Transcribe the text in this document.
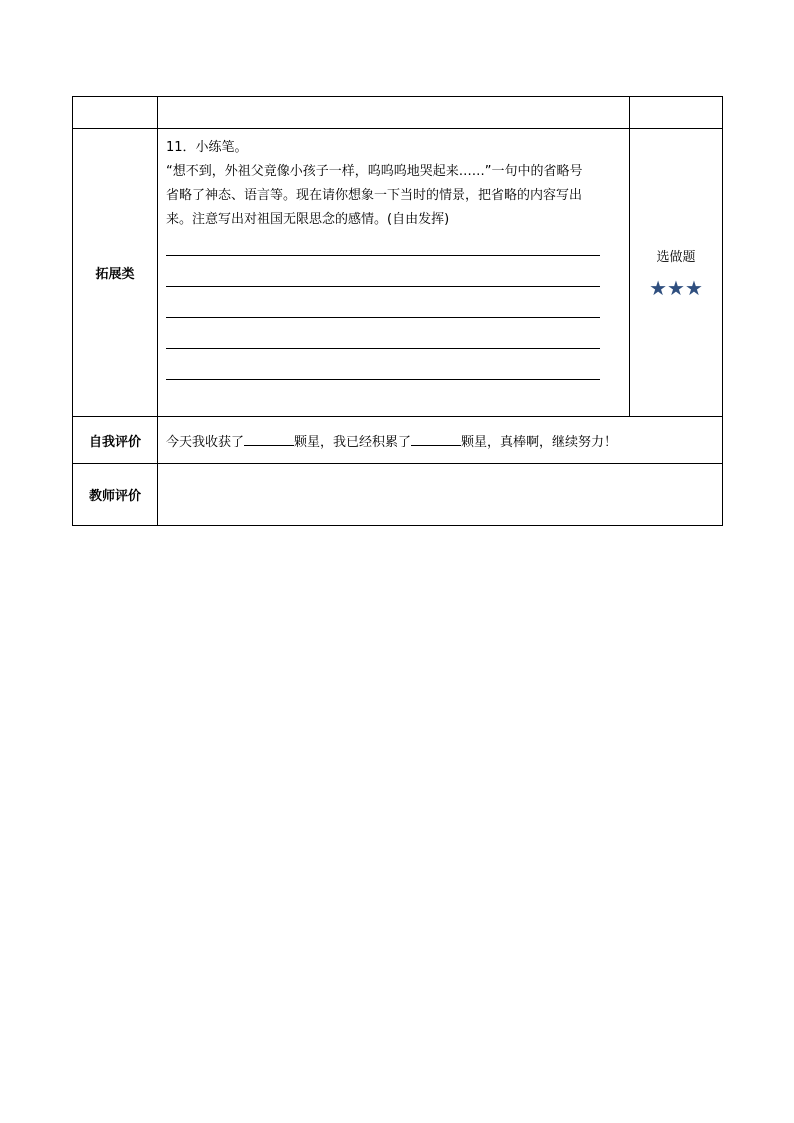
拓展类	11．小练笔。
“想不到，外祖父竟像小孩子一样，呜呜呜地哭起来……”一句中的省略号
省略了神态、语言等。现在请你想象一下当时的情景，把省略的内容写出
来。注意写出对祖国无限思念的感情。(自由发挥)	选做题
★★★

自我评价	今天我收获了 颗星，我已经积累了 颗星，真棒啊，继续努力！	
教师评价		
